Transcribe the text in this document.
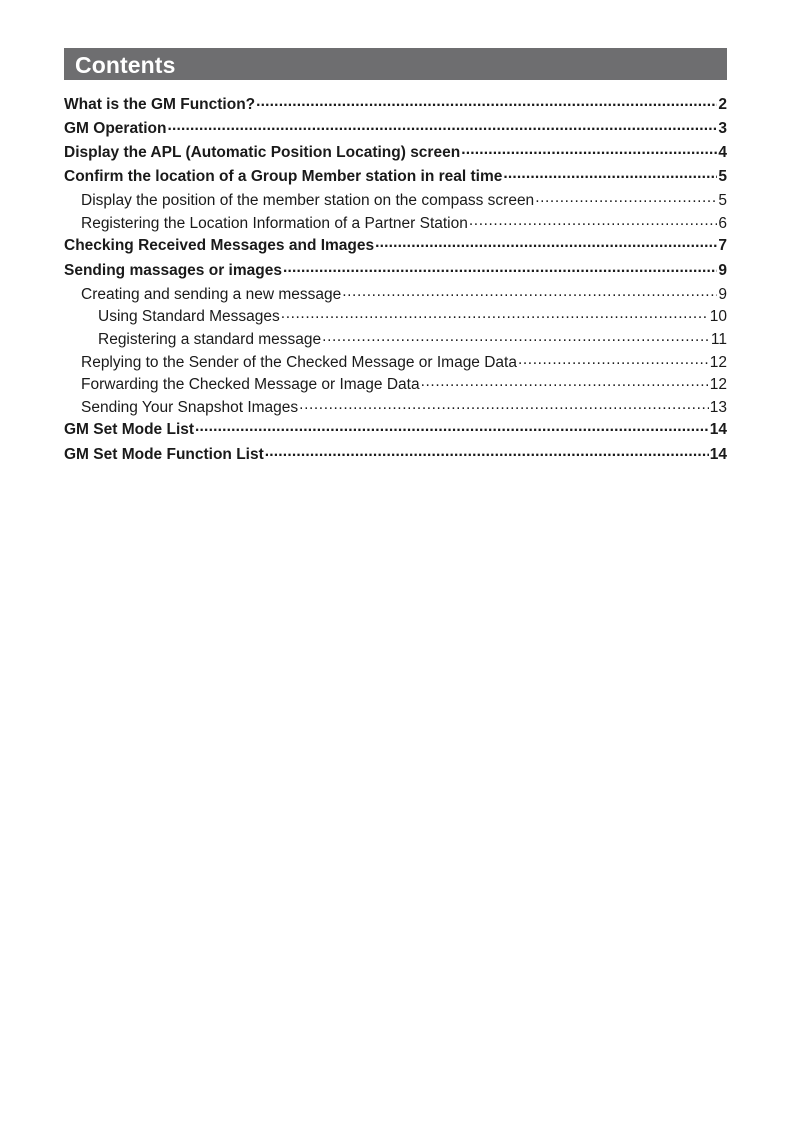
Contents
What is the GM Function? .....	2
GM Operation .....	3
Display the APL (Automatic Position Locating) screen .....	4
Confirm the location of a Group Member station in real time .....	5
Display the position of the member station on the compass screen .....	5
Registering the Location Information of a Partner Station .....	6
Checking Received Messages and Images .....	7
Sending massages or images .....	9
Creating and sending a new message .....	9
Using Standard Messages .....	10
Registering a standard message .....	11
Replying to the Sender of the Checked Message or Image Data .....	12
Forwarding the Checked Message or Image Data .....	12
Sending Your Snapshot Images .....	13
GM Set Mode List .....	14
GM Set Mode Function List .....	14
